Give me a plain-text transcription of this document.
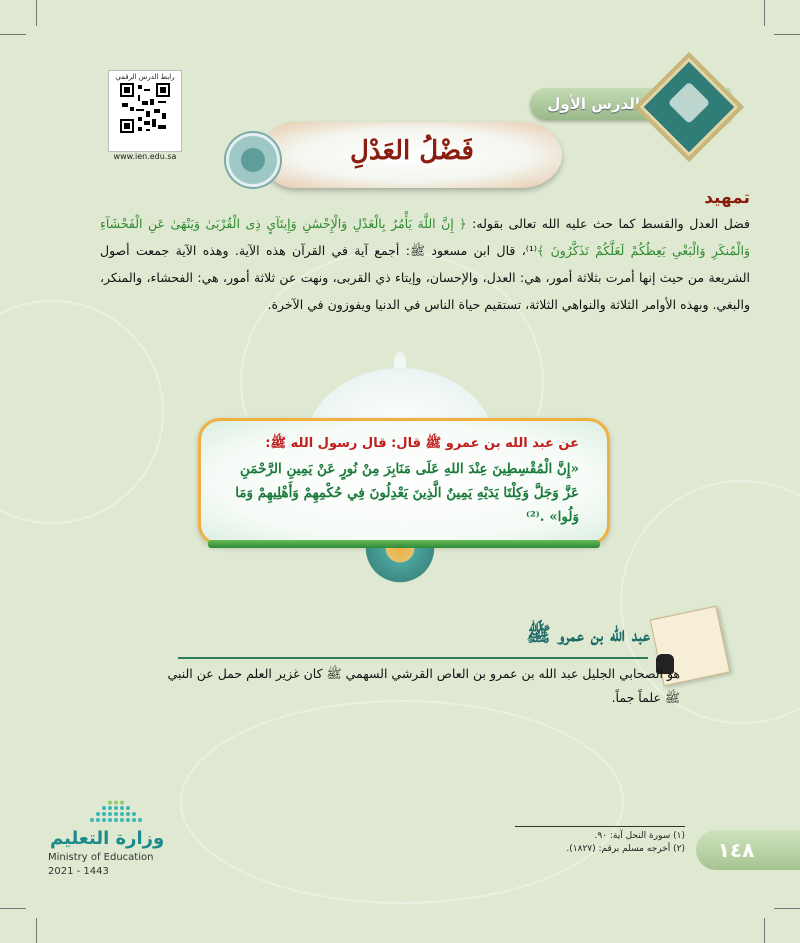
رابط الدرس الرقمي
www.ien.edu.sa
الدرس الأول
فَضْلُ العَدْلِ
تمهيد
فضل العدل والقسط كما حث عليه الله تعالى بقوله: ﴿ إِنَّ اللَّهَ يَأْمُرُ بِالْعَدْلِ وَالْإِحْسَٰنِ وَإِيتَآيِٕ ذِى الْقُرْبَىٰ وَيَنْهَىٰ عَنِ الْفَحْشَآءِ وَالْمُنكَرِ وَالْبَغْىِ يَعِظُكُمْ لَعَلَّكُمْ تَذَكَّرُونَ ﴾⁽¹⁾، قال ابن مسعود ﷺ: أجمع آية في القرآن هذه الآية. وهذه الآية جمعت أصول الشريعة من حيث إنها أمرت بثلاثة أمور، هي: العدل، والإحسان، وإيتاء ذي القربى، ونهت عن ثلاثة أمور، هي: الفحشاء، والمنكر، والبغي. وبهذه الأوامر الثلاثة والنواهي الثلاثة، تستقيم حياة الناس في الدنيا ويفوزون في الآخرة.
عن عبد الله بن عمرو ﷺ قال: قال رسول الله ﷺ:
«إِنَّ الْمُقْسِطِينَ عِنْدَ اللهِ عَلَى مَنَابِرَ مِنْ نُورٍ عَنْ يَمِينِ الرَّحْمَنِ عَزَّ وَجَلَّ وَكِلْتَا يَدَيْهِ يَمِينٌ الَّذِينَ يَعْدِلُونَ فِي حُكْمِهِمْ وَأَهْلِيهِمْ وَمَا وَلُوا» .⁽²⁾
عبد الله بن عمرو ﷺ
هو الصحابي الجليل عبد الله بن عمرو بن العاص القرشي السهمي ﷺ كان غزير العلم حمل عن النبي ﷺ علماً جماً.
وزارة التعليم
Ministry of Education
2021 - 1443
(١) سورة النحل آية: ٩٠.
(٢) أخرجه مسلم برقم: (١٨٢٧).	١٤٨
